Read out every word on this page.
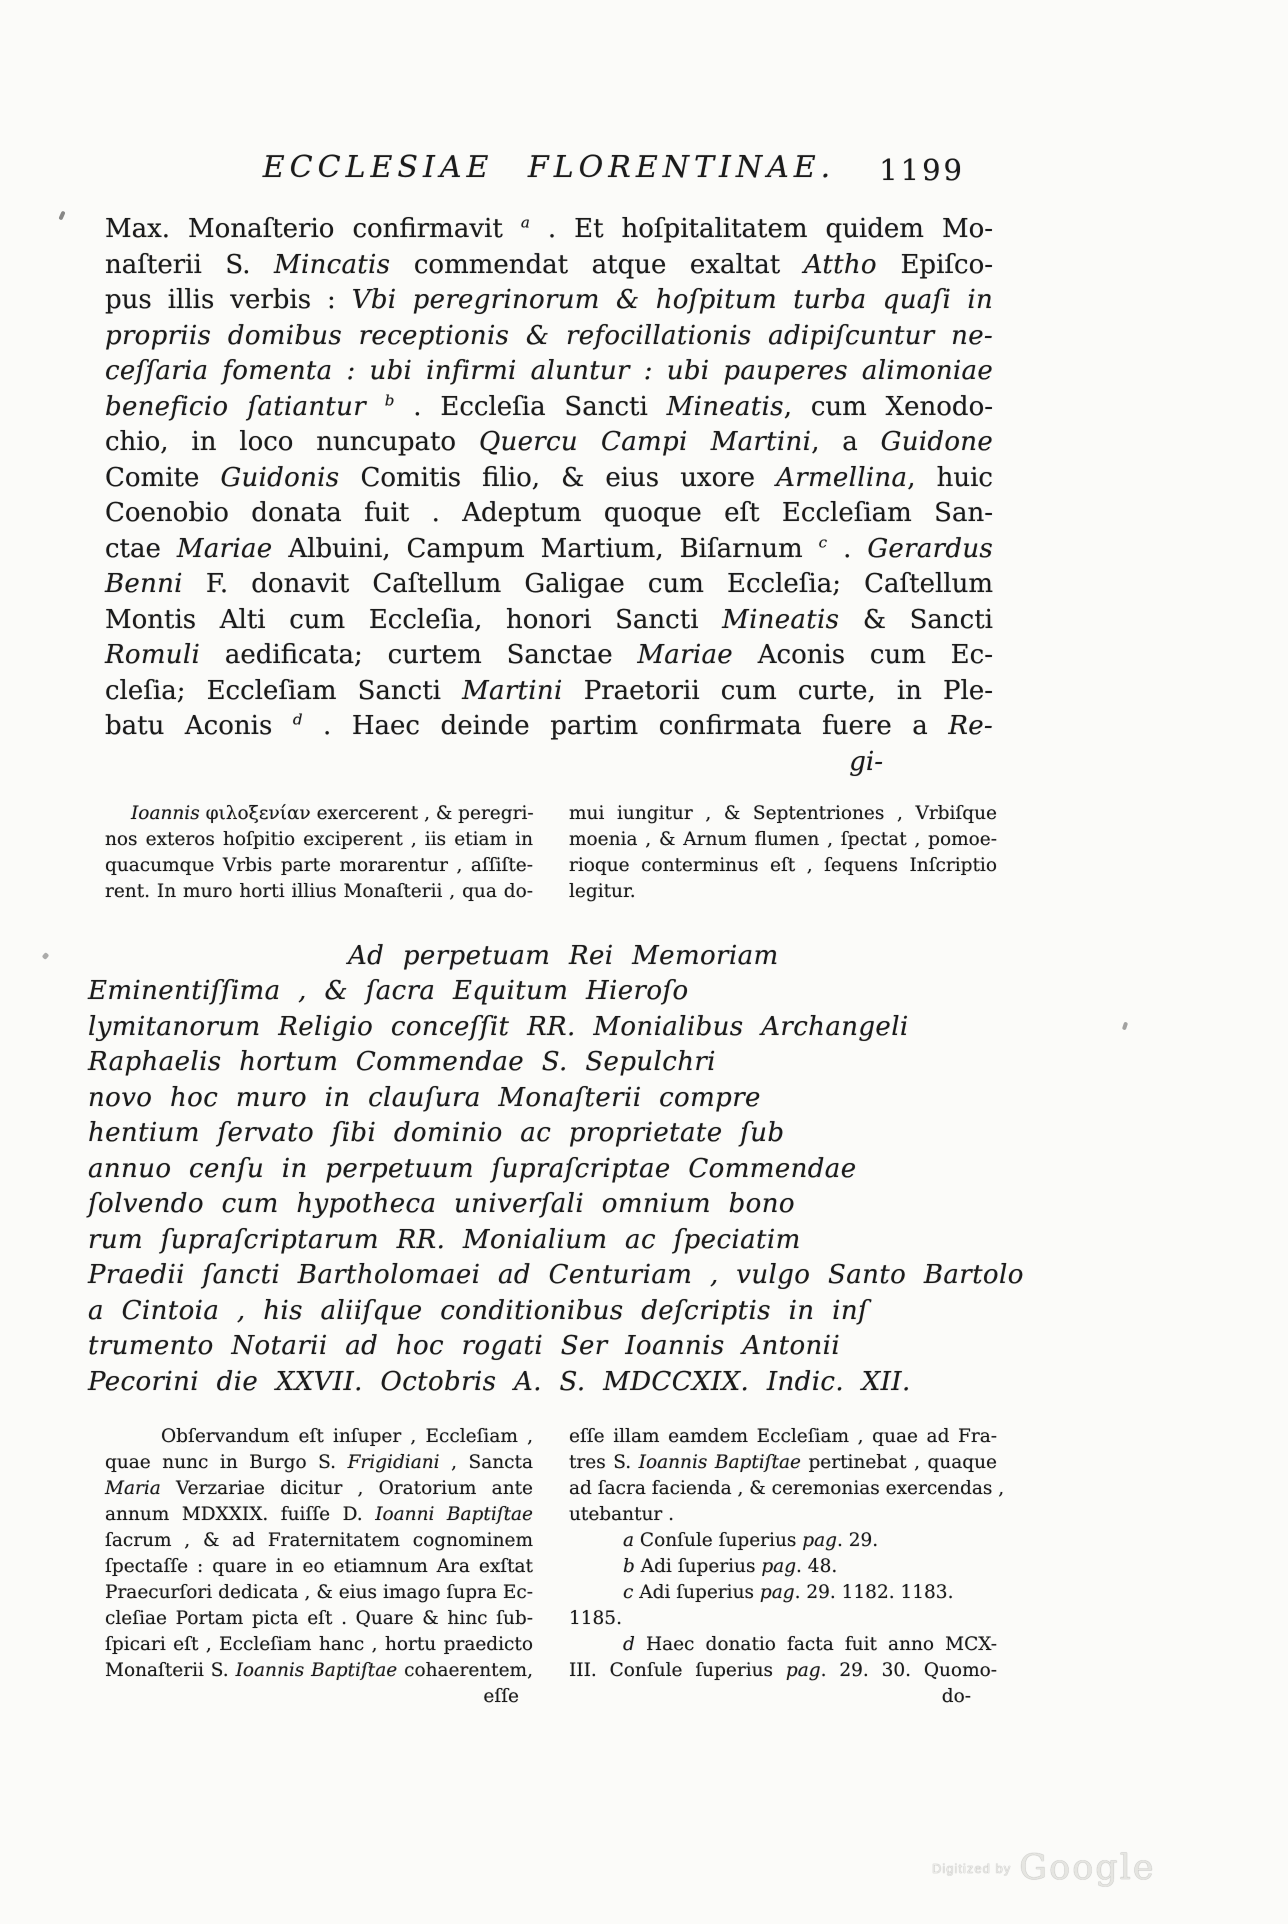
ECCLESIAE FLORENTINAE.	1199
Max. Monaſterio confirmavit $^a$ . Et hoſpitalitatem quidem Mo-
naſterii S. Mincatis commendat atque exaltat Attho Epiſco-
pus illis verbis : Vbi peregrinorum & hoſpitum turba quaſi in
propriis domibus receptionis & refocillationis adipiſcuntur ne-
ceſſaria fomenta : ubi infirmi aluntur : ubi pauperes alimoniae
beneficio ſatiantur $^b$ . Eccleſia Sancti Mineatis, cum Xenodo-
chio, in loco nuncupato Quercu Campi Martini, a Guidone
Comite Guidonis Comitis filio, & eius uxore Armellina, huic
Coenobio donata fuit . Adeptum quoque eſt Eccleſiam San-
ctae Mariae Albuini, Campum Martium, Biſarnum $^c$ . Gerardus
Benni F. donavit Caſtellum Galigae cum Eccleſia; Caſtellum
Montis Alti cum Eccleſia, honori Sancti Mineatis & Sancti
Romuli aedificata; curtem Sanctae Mariae Aconis cum Ec-
cleſia; Eccleſiam Sancti Martini Praetorii cum curte, in Ple-
batu Aconis $^d$ . Haec deinde partim confirmata fuere a Re-
gi-
Ioannis φιλοξενίαν exercerent , & peregri-
nos exteros hoſpitio exciperent , iis etiam in
quacumque Vrbis parte morarentur , aſſiſte-
rent. In muro horti illius Monaſterii , qua do-
mui iungitur , & Septentriones , Vrbiſque
moenia , & Arnum flumen , ſpectat , pomoe-
rioque conterminus eſt , ſequens Inſcriptio
legitur.
Ad perpetuam Rei Memoriam
Eminentiſſima , & ſacra Equitum Hieroſo
lymitanorum Religio conceſſit RR. Monialibus Archangeli
Raphaelis hortum Commendae S. Sepulchri
novo hoc muro in clauſura Monaſterii compre
hentium ſervato ſibi dominio ac proprietate ſub
annuo cenſu in perpetuum ſupraſcriptae Commendae
ſolvendo cum hypotheca univerſali omnium bono
rum ſupraſcriptarum RR. Monialium ac ſpeciatim
Praedii ſancti Bartholomaei ad Centuriam , vulgo Santo Bartolo
a Cintoia , his aliiſque conditionibus deſcriptis in inſ
trumento Notarii ad hoc rogati Ser Ioannis Antonii
Pecorini die XXVII. Octobris A. S. MDCCXIX. Indic. XII.
Obſervandum eſt inſuper , Eccleſiam ,
quae nunc in Burgo S. Frigidiani , Sancta
Maria Verzariae dicitur , Oratorium ante
annum MDXXIX. fuiſſe D. Ioanni Baptiſtae
ſacrum , & ad Fraternitatem cognominem
ſpectaſſe : quare in eo etiamnum Ara exſtat
Praecurſori dedicata , & eius imago ſupra Ec-
cleſiae Portam picta eſt . Quare & hinc ſub-
ſpicari eſt , Eccleſiam hanc , hortu praedicto
Monaſterii S. Ioannis Baptiſtae cohaerentem,
eſſe
eſſe illam eamdem Eccleſiam , quae ad Fra-
tres S. Ioannis Baptiſtae pertinebat , quaque
ad ſacra facienda , & ceremonias exercendas ,
utebantur .
a Conſule ſuperius pag. 29.
b Adi ſuperius pag. 48.
c Adi ſuperius pag. 29. 1182. 1183.
1185.
d Haec donatio facta fuit anno MCX-
III. Conſule ſuperius pag. 29. 30. Quomo-
do-
Digitized by Google
